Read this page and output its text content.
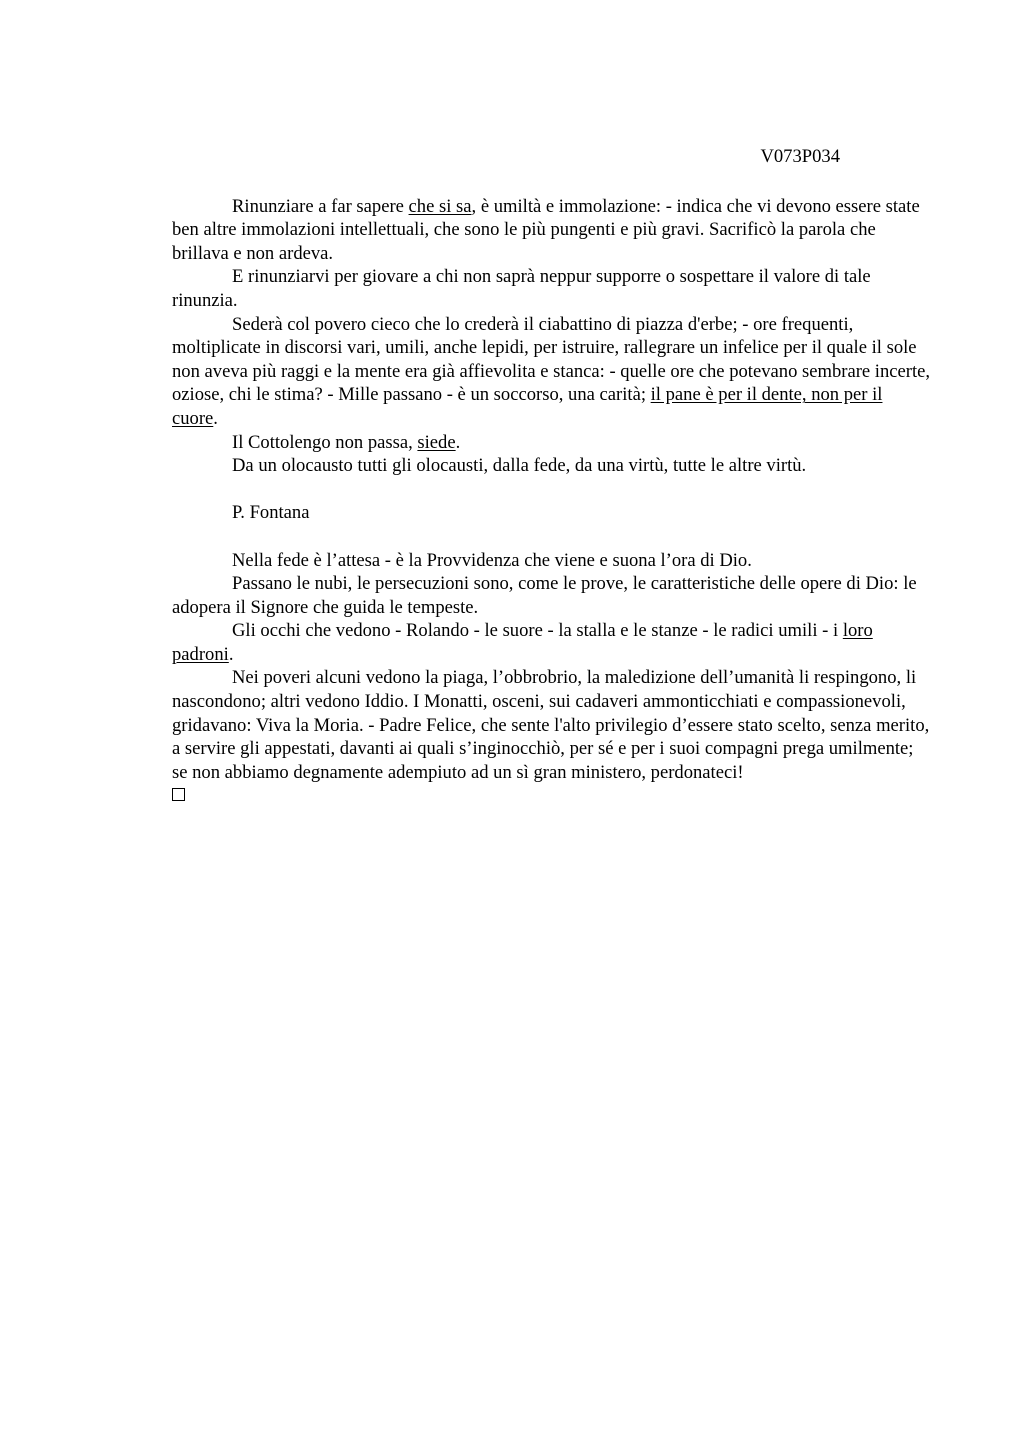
V073P034

Rinunziare a far sapere che si sa, è umiltà e immolazione: - indica che vi devono essere state ben altre immolazioni intellettuali, che sono le più pungenti e più gravi. Sacrificò la parola che brillava e non ardeva.

E rinunziarvi per giovare a chi non saprà neppur supporre o sospettare il valore di tale rinunzia.

Sederà col povero cieco che lo crederà il ciabattino di piazza d'erbe; - ore frequenti, moltiplicate in discorsi vari, umili, anche lepidi, per istruire, rallegrare un infelice per il quale il sole non aveva più raggi e la mente era già affievolita e stanca: - quelle ore che potevano sembrare incerte, oziose, chi le stima? - Mille passano - è un soccorso, una carità; il pane è per il dente, non per il cuore.

Il Cottolengo non passa, siede.

Da un olocausto tutti gli olocausti, dalla fede, da una virtù, tutte le altre virtù.

P. Fontana

Nella fede è l’attesa - è la Provvidenza che viene e suona l’ora di Dio.

Passano le nubi, le persecuzioni sono, come le prove, le caratteristiche delle opere di Dio: le adopera il Signore che guida le tempeste.

Gli occhi che vedono - Rolando - le suore - la stalla e le stanze - le radici umili - i loro padroni.

Nei poveri alcuni vedono la piaga, l’obbrobrio, la maledizione dell’umanità li respingono, li nascondono; altri vedono Iddio. I Monatti, osceni, sui cadaveri ammonticchiati e compassionevoli, gridavano: Viva la Moria. - Padre Felice, che sente l'alto privilegio d’essere stato scelto, senza merito, a servire gli appestati, davanti ai quali s’inginocchiò, per sé e per i suoi compagni prega umilmente; se non abbiamo degnamente adempiuto ad un sì gran ministero, perdonateci!
